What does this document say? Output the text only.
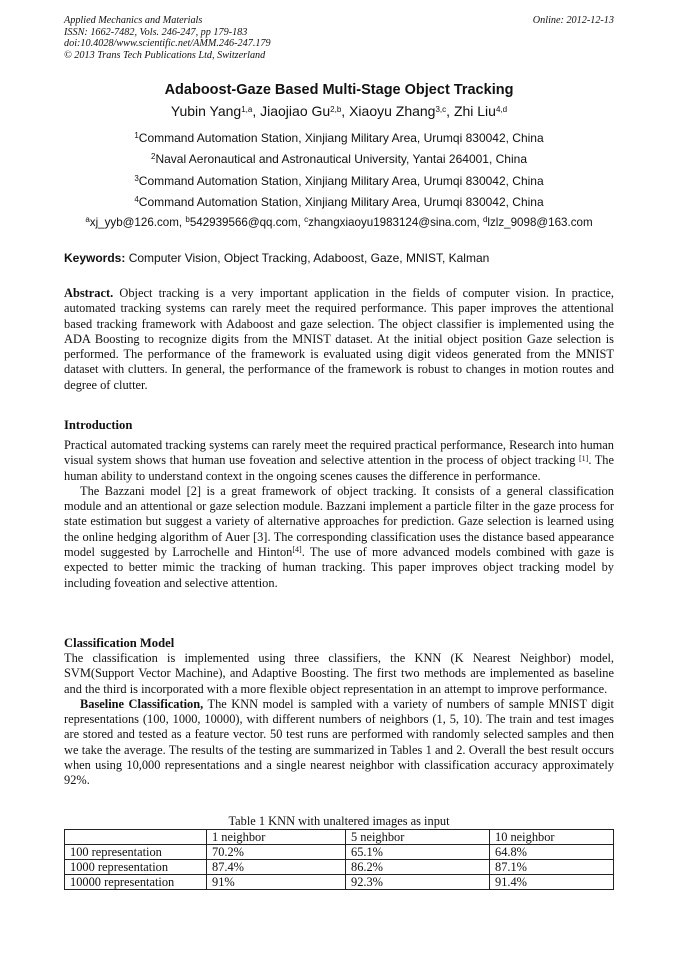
Applied Mechanics and Materials
ISSN: 1662-7482, Vols. 246-247, pp 179-183
doi:10.4028/www.scientific.net/AMM.246-247.179
© 2013 Trans Tech Publications Ltd, Switzerland
Online: 2012-12-13
Adaboost-Gaze Based Multi-Stage Object Tracking
Yubin Yang$^{1,a}$, Jiaojiao Gu$^{2,b}$, Xiaoyu Zhang$^{3,c}$, Zhi Liu$^{4,d}$
$^1$Command Automation Station, Xinjiang Military Area, Urumqi 830042, China
$^2$Naval Aeronautical and Astronautical University, Yantai 264001, China
$^3$Command Automation Station, Xinjiang Military Area, Urumqi 830042, China
$^4$Command Automation Station, Xinjiang Military Area, Urumqi 830042, China
$^a$xj_yyb@126.com, $^b$542939566@qq.com, $^c$zhangxiaoyu1983124@sina.com, $^d$lzlz_9098@163.com
Keywords: Computer Vision, Object Tracking, Adaboost, Gaze, MNIST, Kalman

Abstract. Object tracking is a very important application in the fields of computer vision. In practice, automated tracking systems can rarely meet the required performance. This paper improves the attentional based tracking framework with Adaboost and gaze selection. The object classifier is implemented using the ADA Boosting to recognize digits from the MNIST dataset. At the initial object position Gaze selection is performed. The performance of the framework is evaluated using digit videos generated from the MNIST dataset with clutters. In general, the performance of the framework is robust to changes in motion routes and degree of clutter.

Introduction

Practical automated tracking systems can rarely meet the required practical performance, Research into human visual system shows that human use foveation and selective attention in the process of object tracking [1]. The human ability to understand context in the ongoing scenes causes the difference in performance.

The Bazzani model [2] is a great framework of object tracking. It consists of a general classification module and an attentional or gaze selection module. Bazzani implement a particle filter in the gaze process for state estimation but suggest a variety of alternative approaches for prediction. Gaze selection is learned using the online hedging algorithm of Auer [3]. The corresponding classification uses the distance based appearance model suggested by Larrochelle and Hinton[4]. The use of more advanced models combined with gaze is expected to better mimic the tracking of human tracking. This paper improves object tracking model by including foveation and selective attention.

Classification Model

The classification is implemented using three classifiers, the KNN (K Nearest Neighbor) model, SVM(Support Vector Machine), and Adaptive Boosting. The first two methods are implemented as baseline and the third is incorporated with a more flexible object representation in an attempt to improve performance.

Baseline Classification, The KNN model is sampled with a variety of numbers of sample MNIST digit representations (100, 1000, 10000), with different numbers of neighbors (1, 5, 10). The train and test images are stored and tested as a feature vector. 50 test runs are performed with randomly selected samples and then we take the average. The results of the testing are summarized in Tables 1 and 2. Overall the best result occurs when using 10,000 representations and a single nearest neighbor with classification accuracy approximately 92%.

Table 1 KNN with unaltered images as input
	1 neighbor	5 neighbor	10 neighbor
100 representation	70.2%	65.1%	64.8%
1000 representation	87.4%	86.2%	87.1%
10000 representation	91%	92.3%	91.4%
